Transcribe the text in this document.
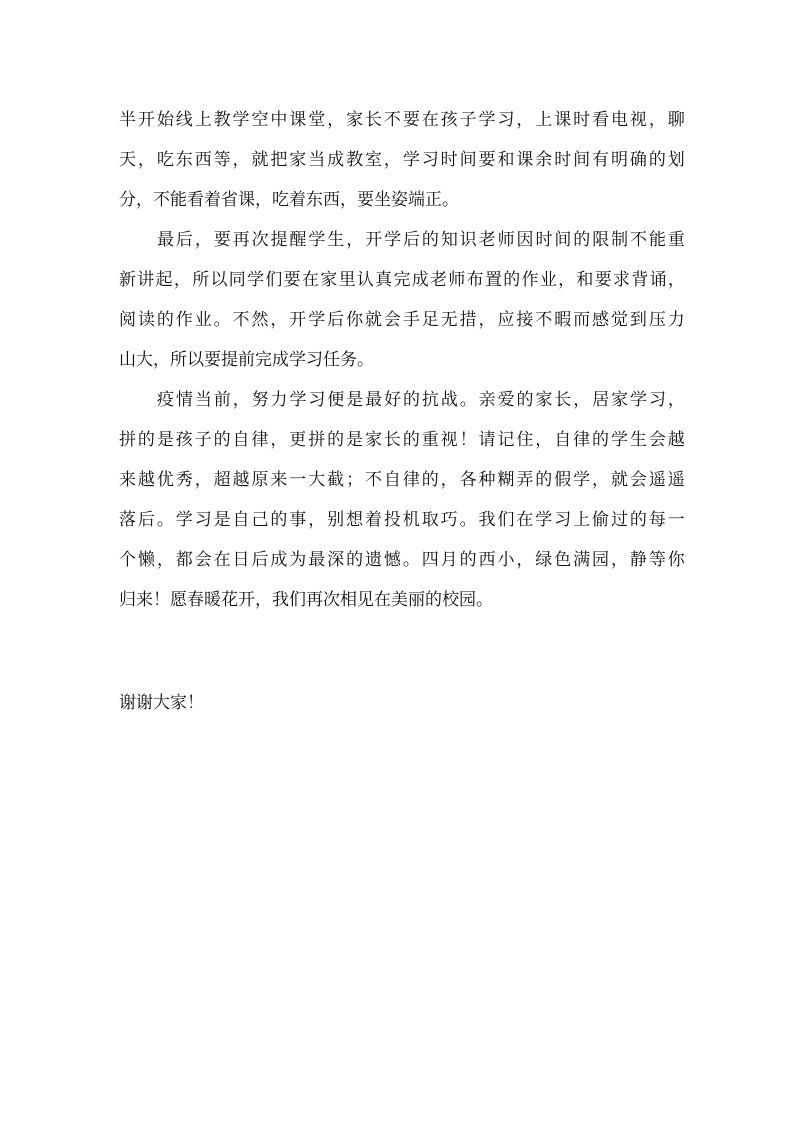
半 开 始 线 上 教 学 空 中 课 堂 ， 家 长 不 要 在 孩 子 学 习 ， 上 课 时 看 电 视 ， 聊
天 ， 吃 东 西 等 ， 就 把 家 当 成 教 室 ， 学 习 时 间 要 和 课 余 时 间 有 明 确 的 划
分 ， 不 能 看 着 省 课 ， 吃 着 东 西 ， 要 坐 姿 端 正 。
最 后 ， 要 再 次 提 醒 学 生 ， 开 学 后 的 知 识 老 师 因 时 间 的 限 制 不 能 重
新 讲 起 ， 所 以 同 学 们 要 在 家 里 认 真 完 成 老 师 布 置 的 作 业 ， 和 要 求 背 诵 ，
阅 读 的 作 业 。 不 然 ， 开 学 后 你 就 会 手 足 无 措 ， 应 接 不 暇 而 感 觉 到 压 力
山 大 ， 所 以 要 提 前 完 成 学 习 任 务 。
疫 情 当 前 ， 努 力 学 习 便 是 最 好 的 抗 战 。 亲 爱 的 家 长 ， 居 家 学 习 ，
拼 的 是 孩 子 的 自 律 ， 更 拼 的 是 家 长 的 重 视 ！ 请 记 住 ， 自 律 的 学 生 会 越
来 越 优 秀 ， 超 越 原 来 一 大 截 ； 不 自 律 的 ， 各 种 糊 弄 的 假 学 ， 就 会 遥 遥
落 后 。 学 习 是 自 己 的 事 ， 别 想 着 投 机 取 巧 。 我 们 在 学 习 上 偷 过 的 每 一
个 懒 ， 都 会 在 日 后 成 为 最 深 的 遗 憾 。 四 月 的 西 小 ， 绿 色 满 园 ， 静 等 你
归 来 ！ 愿 春 暖 花 开 ， 我 们 再 次 相 见 在 美 丽 的 校 园 。
谢谢大家！
